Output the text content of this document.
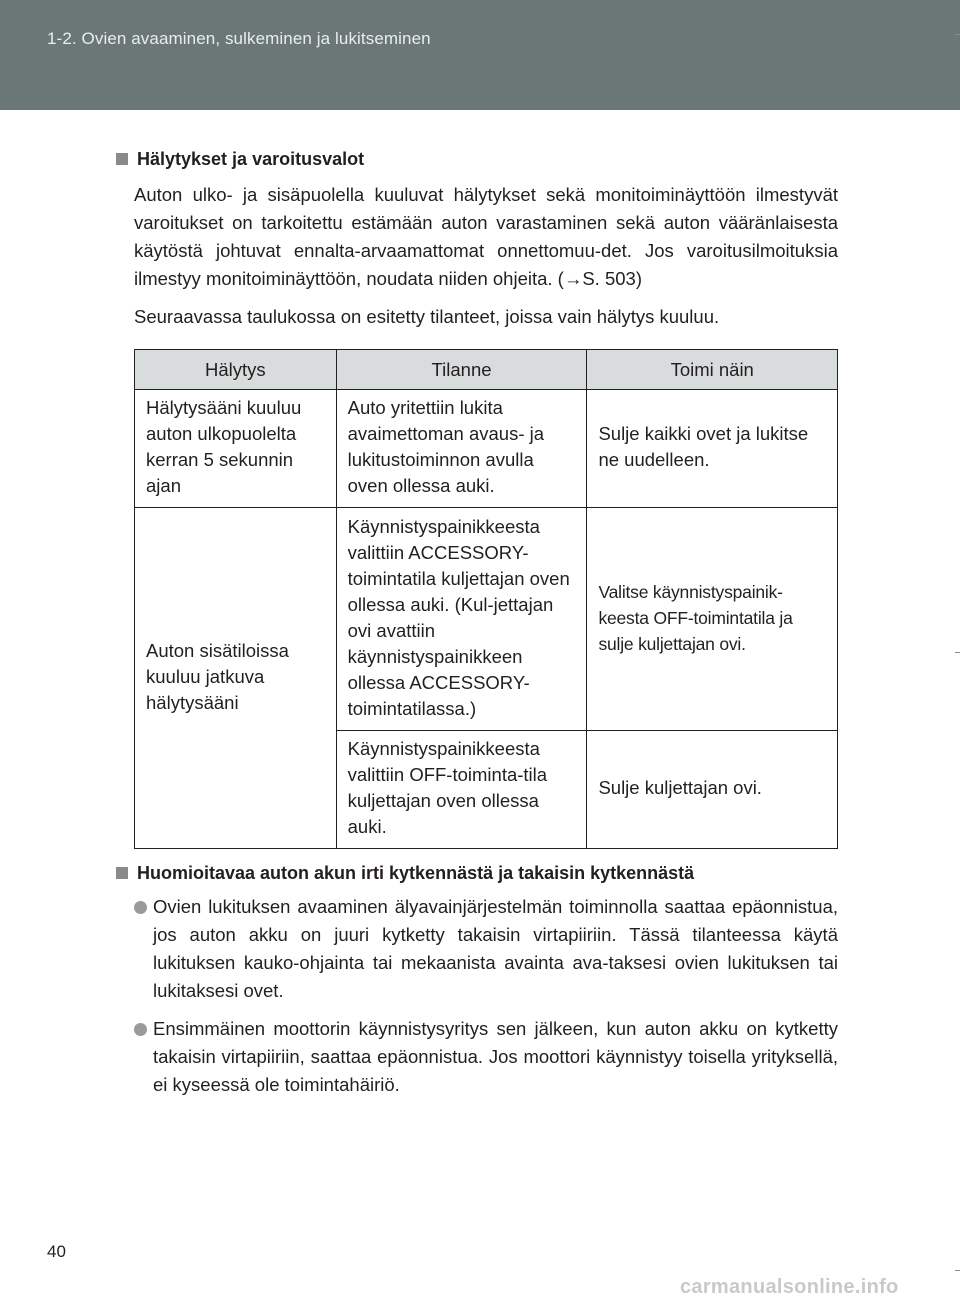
1-2. Ovien avaaminen, sulkeminen ja lukitseminen
Hälytykset ja varoitusvalot

Auton ulko- ja sisäpuolella kuuluvat hälytykset sekä monitoiminäyttöön ilmestyvät varoitukset on tarkoitettu estämään auton varastaminen sekä auton vääränlaisesta käytöstä johtuvat ennalta-arvaamattomat onnettomuu-det. Jos varoitusilmoituksia ilmestyy monitoiminäyttöön, noudata niiden ohjeita. (→S. 503)

Seuraavassa taulukossa on esitetty tilanteet, joissa vain hälytys kuuluu.

Hälytys	Tilanne	Toimi näin
Hälytysääni kuuluu auton ulkopuolelta kerran 5 sekunnin ajan	Auto yritettiin lukita avaimettoman avaus- ja lukitustoiminnon avulla oven ollessa auki.	Sulje kaikki ovet ja lukitse ne uudelleen.
Auton sisätiloissa kuuluu jatkuva hälytysääni	Käynnistyspainikkeesta valittiin ACCESSORY-toimintatila kuljettajan oven ollessa auki. (Kul-jettajan ovi avattiin käynnistyspainikkeen ollessa ACCESSORY-toimintatilassa.)	Valitse käynnistyspainik-keesta OFF-toimintatila ja sulje kuljettajan ovi.
	Käynnistyspainikkeesta valittiin OFF-toiminta-tila kuljettajan oven ollessa auki.	Sulje kuljettajan ovi.
Huomioitavaa auton akun irti kytkennästä ja takaisin kytkennästä
Ovien lukituksen avaaminen älyavainjärjestelmän toiminnolla saattaa epäonnistua, jos auton akku on juuri kytketty takaisin virtapiiriin. Tässä tilanteessa käytä lukituksen kauko-ohjainta tai mekaanista avainta ava-taksesi ovien lukituksen tai lukitaksesi ovet.
Ensimmäinen moottorin käynnistysyritys sen jälkeen, kun auton akku on kytketty takaisin virtapiiriin, saattaa epäonnistua. Jos moottori käynnistyy toisella yrityksellä, ei kyseessä ole toimintahäiriö.
40
carmanualsonline.info
